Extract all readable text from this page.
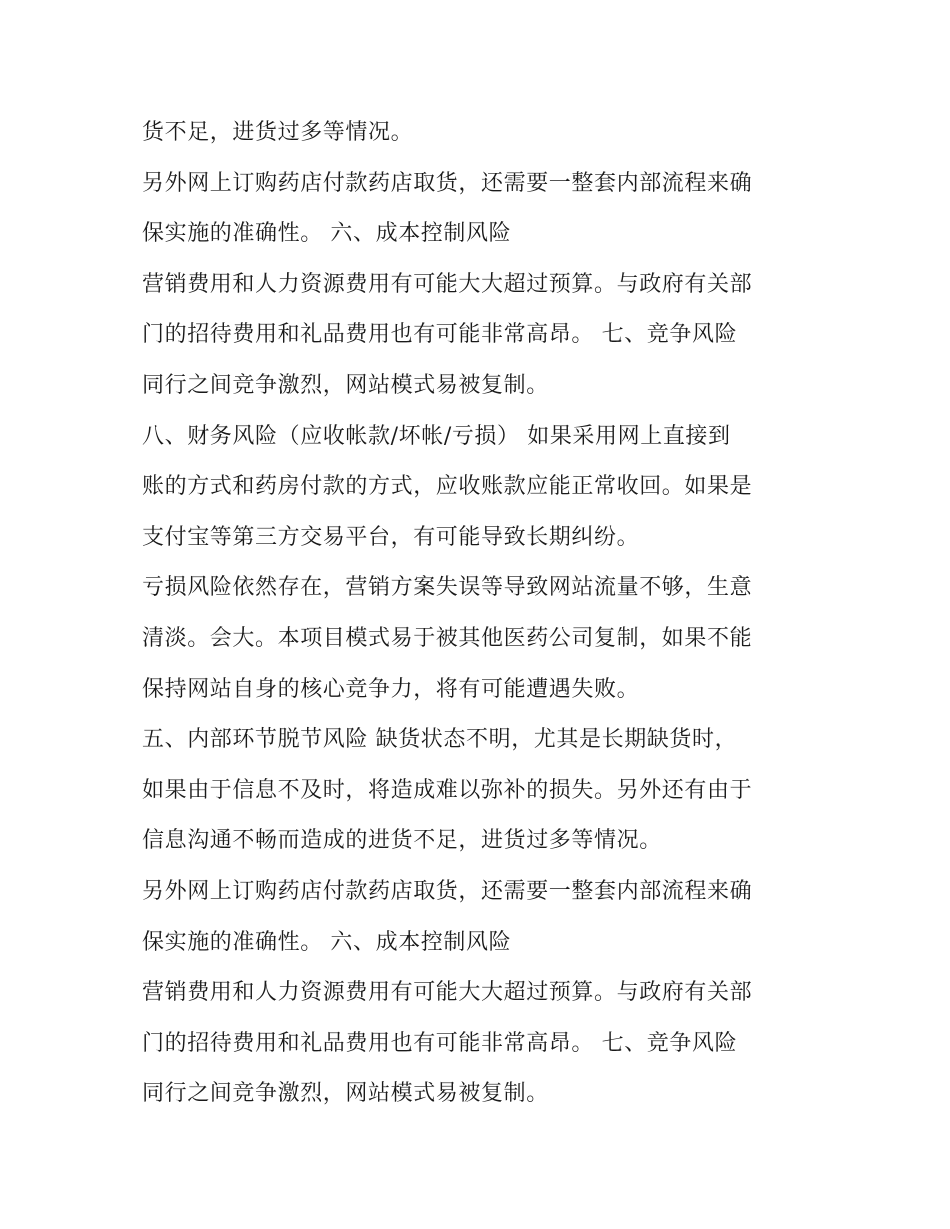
货不足，进货过多等情况。
另外网上订购药店付款药店取货，还需要一整套内部流程来确
保实施的准确性。 六、成本控制风险
营销费用和人力资源费用有可能大大超过预算。与政府有关部
门的招待费用和礼品费用也有可能非常高昂。 七、竞争风险
同行之间竞争激烈，网站模式易被复制。
八、财务风险（应收帐款/坏帐/亏损） 如果采用网上直接到
账的方式和药房付款的方式，应收账款应能正常收回。如果是
支付宝等第三方交易平台，有可能导致长期纠纷。
亏损风险依然存在，营销方案失误等导致网站流量不够，生意
清淡。会大。本项目模式易于被其他医药公司复制，如果不能
保持网站自身的核心竞争力，将有可能遭遇失败。
五、内部环节脱节风险 缺货状态不明，尤其是长期缺货时，
如果由于信息不及时，将造成难以弥补的损失。另外还有由于
信息沟通不畅而造成的进货不足，进货过多等情况。
另外网上订购药店付款药店取货，还需要一整套内部流程来确
保实施的准确性。 六、成本控制风险
营销费用和人力资源费用有可能大大超过预算。与政府有关部
门的招待费用和礼品费用也有可能非常高昂。 七、竞争风险
同行之间竞争激烈，网站模式易被复制。
